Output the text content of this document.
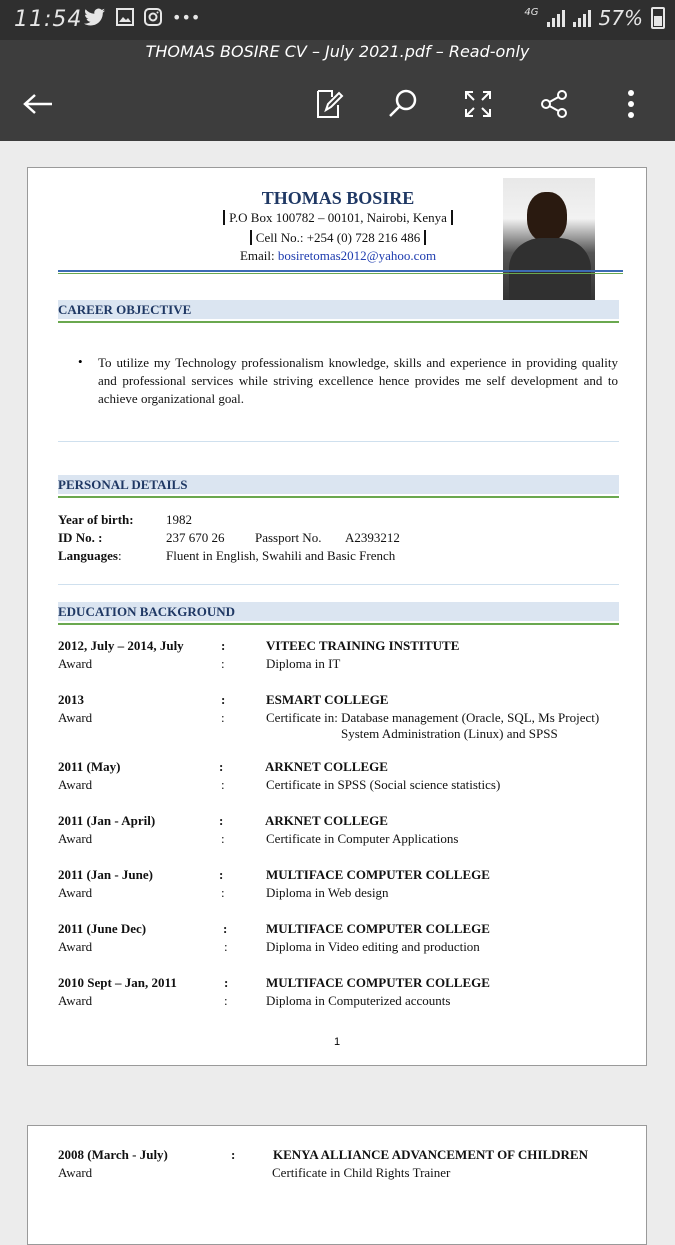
11:54	•••	4G	57%
THOMAS BOSIRE CV – July 2021.pdf – Read-only
THOMAS BOSIRE
P.O Box 100782 – 00101, Nairobi, Kenya
Cell No.: +254 (0) 728 216 486
Email: bosiretomas2012@yahoo.com
CAREER OBJECTIVE
• To utilize my Technology professionalism knowledge, skills and experience in providing quality and professional services while striving excellence hence provides me self development and to achieve organizational goal.
PERSONAL DETAILS
Year of birth: 1982
ID No. :	237 670 26 Passport No. A2393212
Languages:	Fluent in English, Swahili and Basic French
EDUCATION BACKGROUND
2012, July – 2014, July	:	VITEEC TRAINING INSTITUTE
Award	:	Diploma in IT
2013	:	ESMART COLLEGE
Award	:	Certificate in: Database management (Oracle, SQL, Ms Project)
System Administration (Linux) and SPSS
2011 (May)	:	ARKNET COLLEGE
Award	:	Certificate in SPSS (Social science statistics)
2011 (Jan - April)	:	ARKNET COLLEGE
Award	:	Certificate in Computer Applications
2011 (Jan - June)	:	MULTIFACE COMPUTER COLLEGE
Award	:	Diploma in Web design
2011 (June Dec)	:	MULTIFACE COMPUTER COLLEGE
Award	:	Diploma in Video editing and production
2010 Sept – Jan, 2011	:	MULTIFACE COMPUTER COLLEGE
Award	:	Diploma in Computerized accounts
1
2008 (March - July)	:	KENYA ALLIANCE ADVANCEMENT OF CHILDREN
Award	Certificate in Child Rights Trainer
